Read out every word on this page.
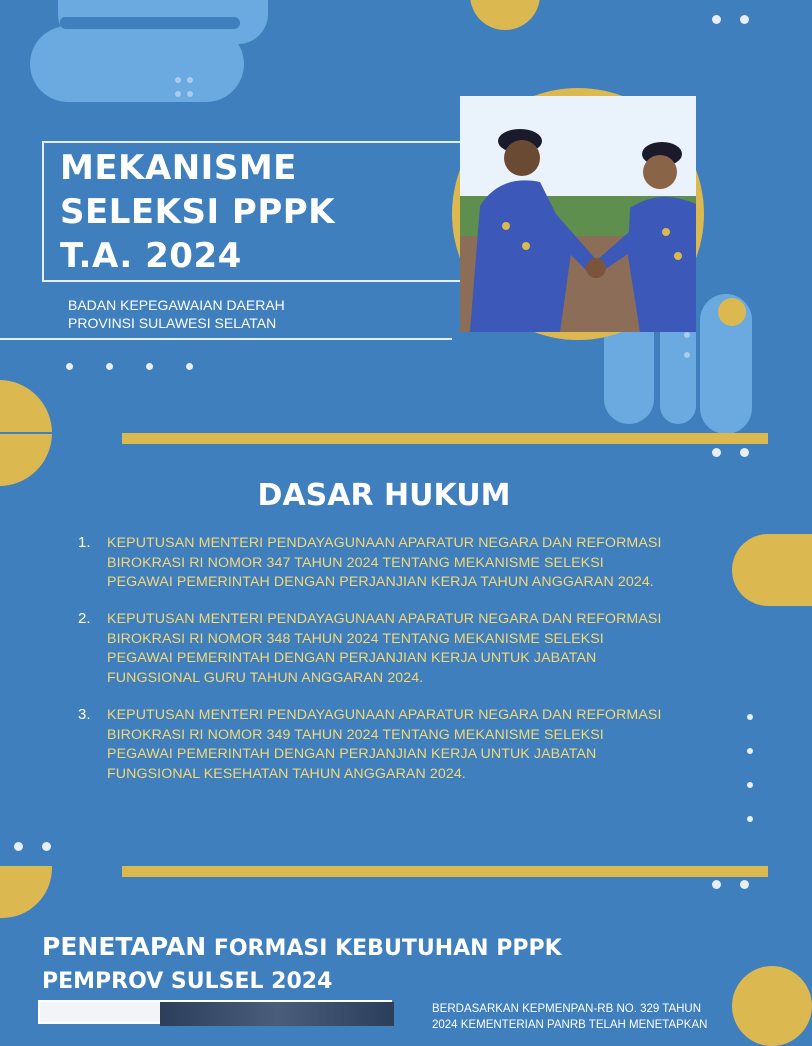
MEKANISME
SELEKSI PPPK
T.A. 2024
BADAN KEPEGAWAIAN DAERAH
PROVINSI SULAWESI SELATAN
DASAR HUKUM
1. KEPUTUSAN MENTERI PENDAYAGUNAAN APARATUR NEGARA DAN REFORMASI
BIROKRASI RI NOMOR 347 TAHUN 2024 TENTANG MEKANISME SELEKSI
PEGAWAI PEMERINTAH DENGAN PERJANJIAN KERJA TAHUN ANGGARAN 2024.
2. KEPUTUSAN MENTERI PENDAYAGUNAAN APARATUR NEGARA DAN REFORMASI
BIROKRASI RI NOMOR 348 TAHUN 2024 TENTANG MEKANISME SELEKSI
PEGAWAI PEMERINTAH DENGAN PERJANJIAN KERJA UNTUK JABATAN
FUNGSIONAL GURU TAHUN ANGGARAN 2024.
3. KEPUTUSAN MENTERI PENDAYAGUNAAN APARATUR NEGARA DAN REFORMASI
BIROKRASI RI NOMOR 349 TAHUN 2024 TENTANG MEKANISME SELEKSI
PEGAWAI PEMERINTAH DENGAN PERJANJIAN KERJA UNTUK JABATAN
FUNGSIONAL KESEHATAN TAHUN ANGGARAN 2024.
PENETAPAN FORMASI KEBUTUHAN PPPK
PEMPROV SULSEL 2024
BERDASARKAN KEPMENPAN-RB NO. 329 TAHUN
2024 KEMENTERIAN PANRB TELAH MENETAPKAN
